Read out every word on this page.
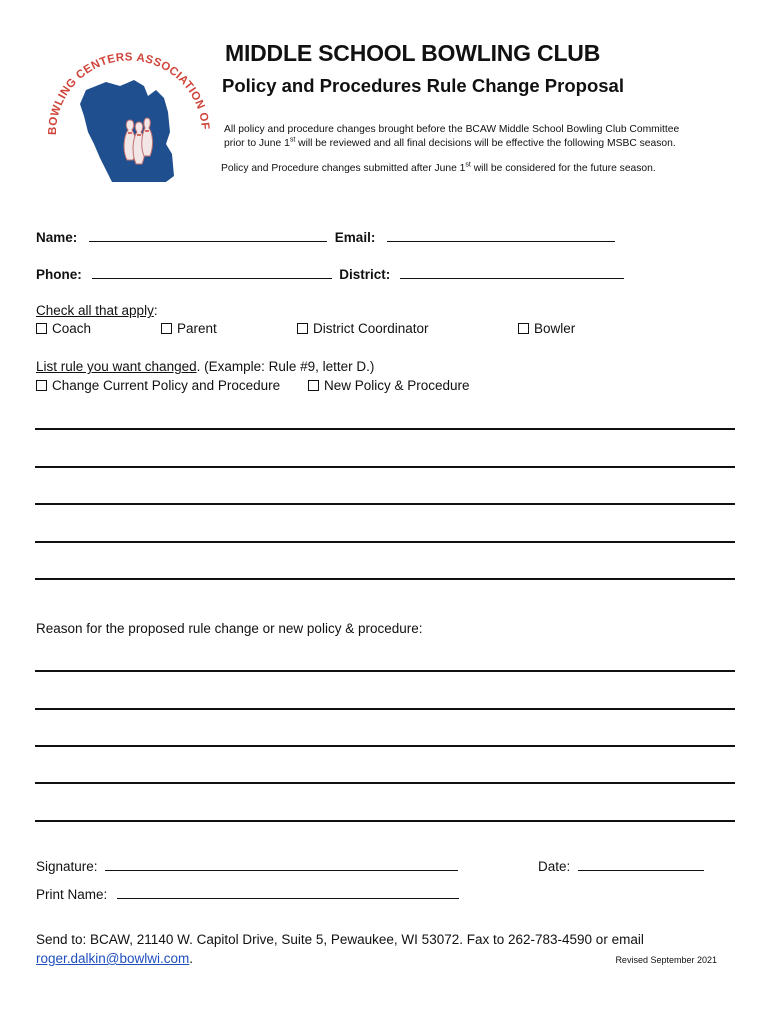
BOWLING CENTERS ASSOCIATION OF
MIDDLE SCHOOL BOWLING CLUB
Policy and Procedures Rule Change Proposal
All policy and procedure changes brought before the BCAW Middle School Bowling Club Committee
prior to June 1st will be reviewed and all final decisions will be effective the following MSBC season.
Policy and Procedure changes submitted after June 1st will be considered for the future season.
Name:	Email:
Phone:	District:
Check all that apply:
Coach	Parent	District Coordinator	Bowler
List rule you want changed. (Example: Rule #9, letter D.)
Change Current Policy and Procedure	New Policy & Procedure
Reason for the proposed rule change or new policy & procedure:
Signature:	Date:
Print Name:
Send to: BCAW, 21140 W. Capitol Drive, Suite 5, Pewaukee, WI 53072. Fax to 262-783-4590 or email
roger.dalkin@bowlwi.com.	Revised September 2021
